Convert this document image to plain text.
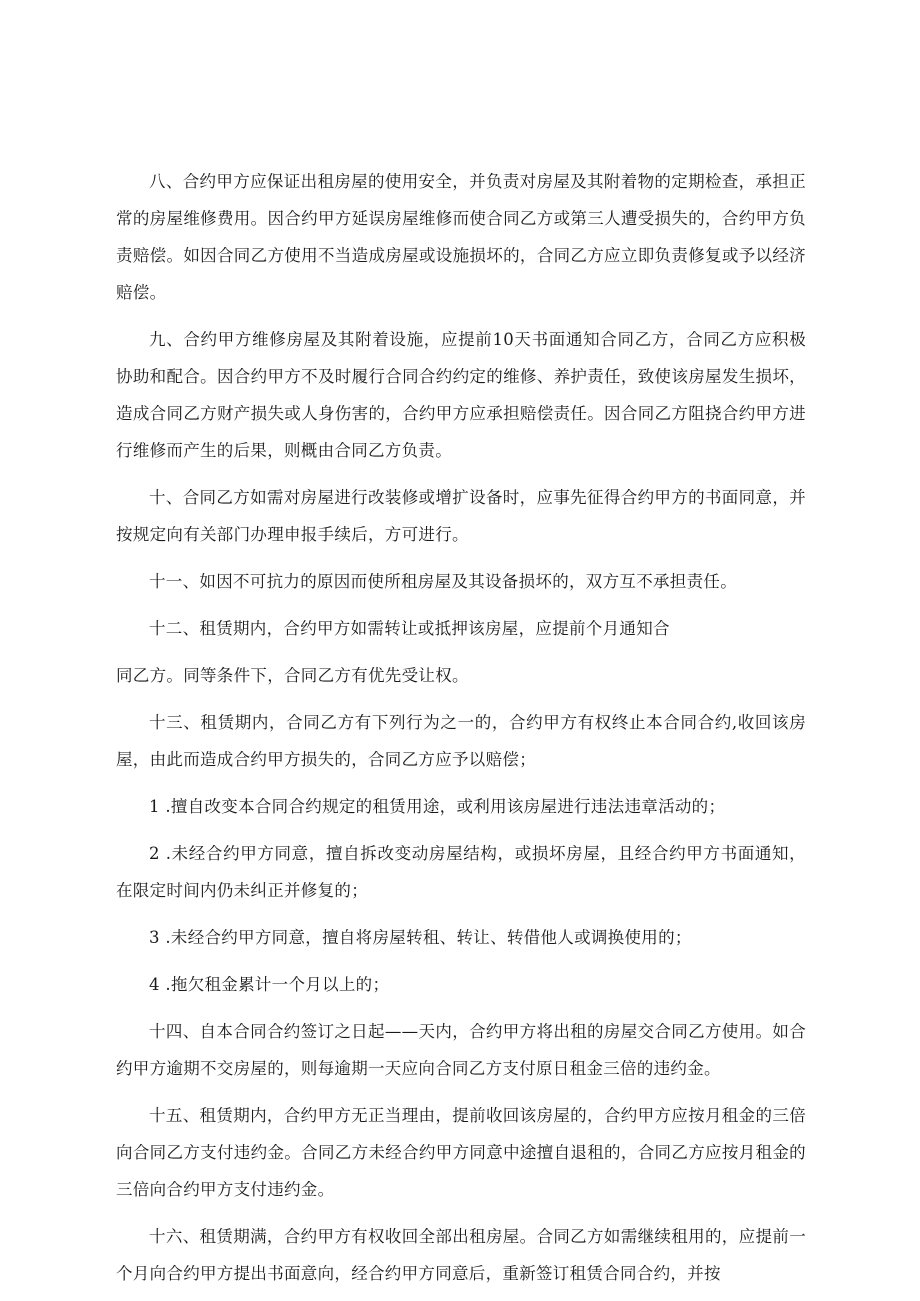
八、合约甲方应保证出租房屋的使用安全，并负责对房屋及其附着物的定期检查，承担正常的房屋维修费用。因合约甲方延误房屋维修而使合同乙方或第三人遭受损失的，合约甲方负责赔偿。如因合同乙方使用不当造成房屋或设施损坏的，合同乙方应立即负责修复或予以经济赔偿。

九、合约甲方维修房屋及其附着设施，应提前10天书面通知合同乙方，合同乙方应积极协助和配合。因合约甲方不及时履行合同合约约定的维修、养护责任，致使该房屋发生损坏，造成合同乙方财产损失或人身伤害的，合约甲方应承担赔偿责任。因合同乙方阻挠合约甲方进行维修而产生的后果，则概由合同乙方负责。

十、合同乙方如需对房屋进行改装修或增扩设备时，应事先征得合约甲方的书面同意，并按规定向有关部门办理申报手续后，方可进行。

十一、如因不可抗力的原因而使所租房屋及其设备损坏的，双方互不承担责任。

十二、租赁期内，合约甲方如需转让或抵押该房屋，应提前个月通知合

同乙方。同等条件下，合同乙方有优先受让权。

十三、租赁期内，合同乙方有下列行为之一的，合约甲方有权终止本合同合约,收回该房屋，由此而造成合约甲方损失的，合同乙方应予以赔偿；

1 .擅自改变本合同合约规定的租赁用途，或利用该房屋进行违法违章活动的；

2 .未经合约甲方同意，擅自拆改变动房屋结构，或损坏房屋，且经合约甲方书面通知，在限定时间内仍未纠正并修复的；

3 .未经合约甲方同意，擅自将房屋转租、转让、转借他人或调换使用的；

4 .拖欠租金累计一个月以上的；

十四、自本合同合约签订之日起——天内，合约甲方将出租的房屋交合同乙方使用。如合约甲方逾期不交房屋的，则每逾期一天应向合同乙方支付原日租金三倍的违约金。

十五、租赁期内，合约甲方无正当理由，提前收回该房屋的，合约甲方应按月租金的三倍向合同乙方支付违约金。合同乙方未经合约甲方同意中途擅自退租的，合同乙方应按月租金的三倍向合约甲方支付违约金。

十六、租赁期满，合约甲方有权收回全部出租房屋。合同乙方如需继续租用的，应提前一个月向合约甲方提出书面意向，经合约甲方同意后，重新签订租赁合同合约，并按
